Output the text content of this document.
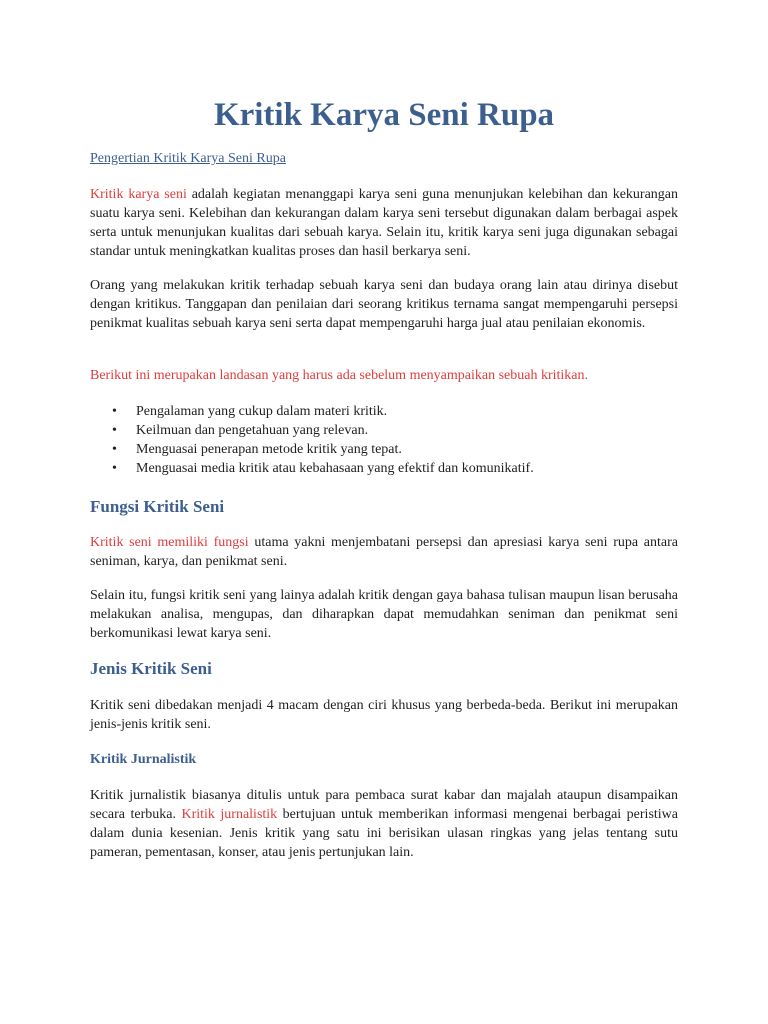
Kritik Karya Seni Rupa

Pengertian Kritik Karya Seni Rupa

Kritik karya seni adalah kegiatan menanggapi karya seni guna menunjukan kelebihan dan kekurangan suatu karya seni. Kelebihan dan kekurangan dalam karya seni tersebut digunakan dalam berbagai aspek serta untuk menunjukan kualitas dari sebuah karya. Selain itu, kritik karya seni juga digunakan sebagai standar untuk meningkatkan kualitas proses dan hasil berkarya seni.

Orang yang melakukan kritik terhadap sebuah karya seni dan budaya orang lain atau dirinya disebut dengan kritikus. Tanggapan dan penilaian dari seorang kritikus ternama sangat mempengaruhi persepsi penikmat kualitas sebuah karya seni serta dapat mempengaruhi harga jual atau penilaian ekonomis.

Berikut ini merupakan landasan yang harus ada sebelum menyampaikan sebuah kritikan.

• Pengalaman yang cukup dalam materi kritik.
• Keilmuan dan pengetahuan yang relevan.
• Menguasai penerapan metode kritik yang tepat.
• Menguasai media kritik atau kebahasaan yang efektif dan komunikatif.
Fungsi Kritik Seni

Kritik seni memiliki fungsi utama yakni menjembatani persepsi dan apresiasi karya seni rupa antara seniman, karya, dan penikmat seni.

Selain itu, fungsi kritik seni yang lainya adalah kritik dengan gaya bahasa tulisan maupun lisan berusaha melakukan analisa, mengupas, dan diharapkan dapat memudahkan seniman dan penikmat seni berkomunikasi lewat karya seni.

Jenis Kritik Seni

Kritik seni dibedakan menjadi 4 macam dengan ciri khusus yang berbeda-beda. Berikut ini merupakan jenis-jenis kritik seni.

Kritik Jurnalistik

Kritik jurnalistik biasanya ditulis untuk para pembaca surat kabar dan majalah ataupun disampaikan secara terbuka. Kritik jurnalistik bertujuan untuk memberikan informasi mengenai berbagai peristiwa dalam dunia kesenian. Jenis kritik yang satu ini berisikan ulasan ringkas yang jelas tentang sutu pameran, pementasan, konser, atau jenis pertunjukan lain.
